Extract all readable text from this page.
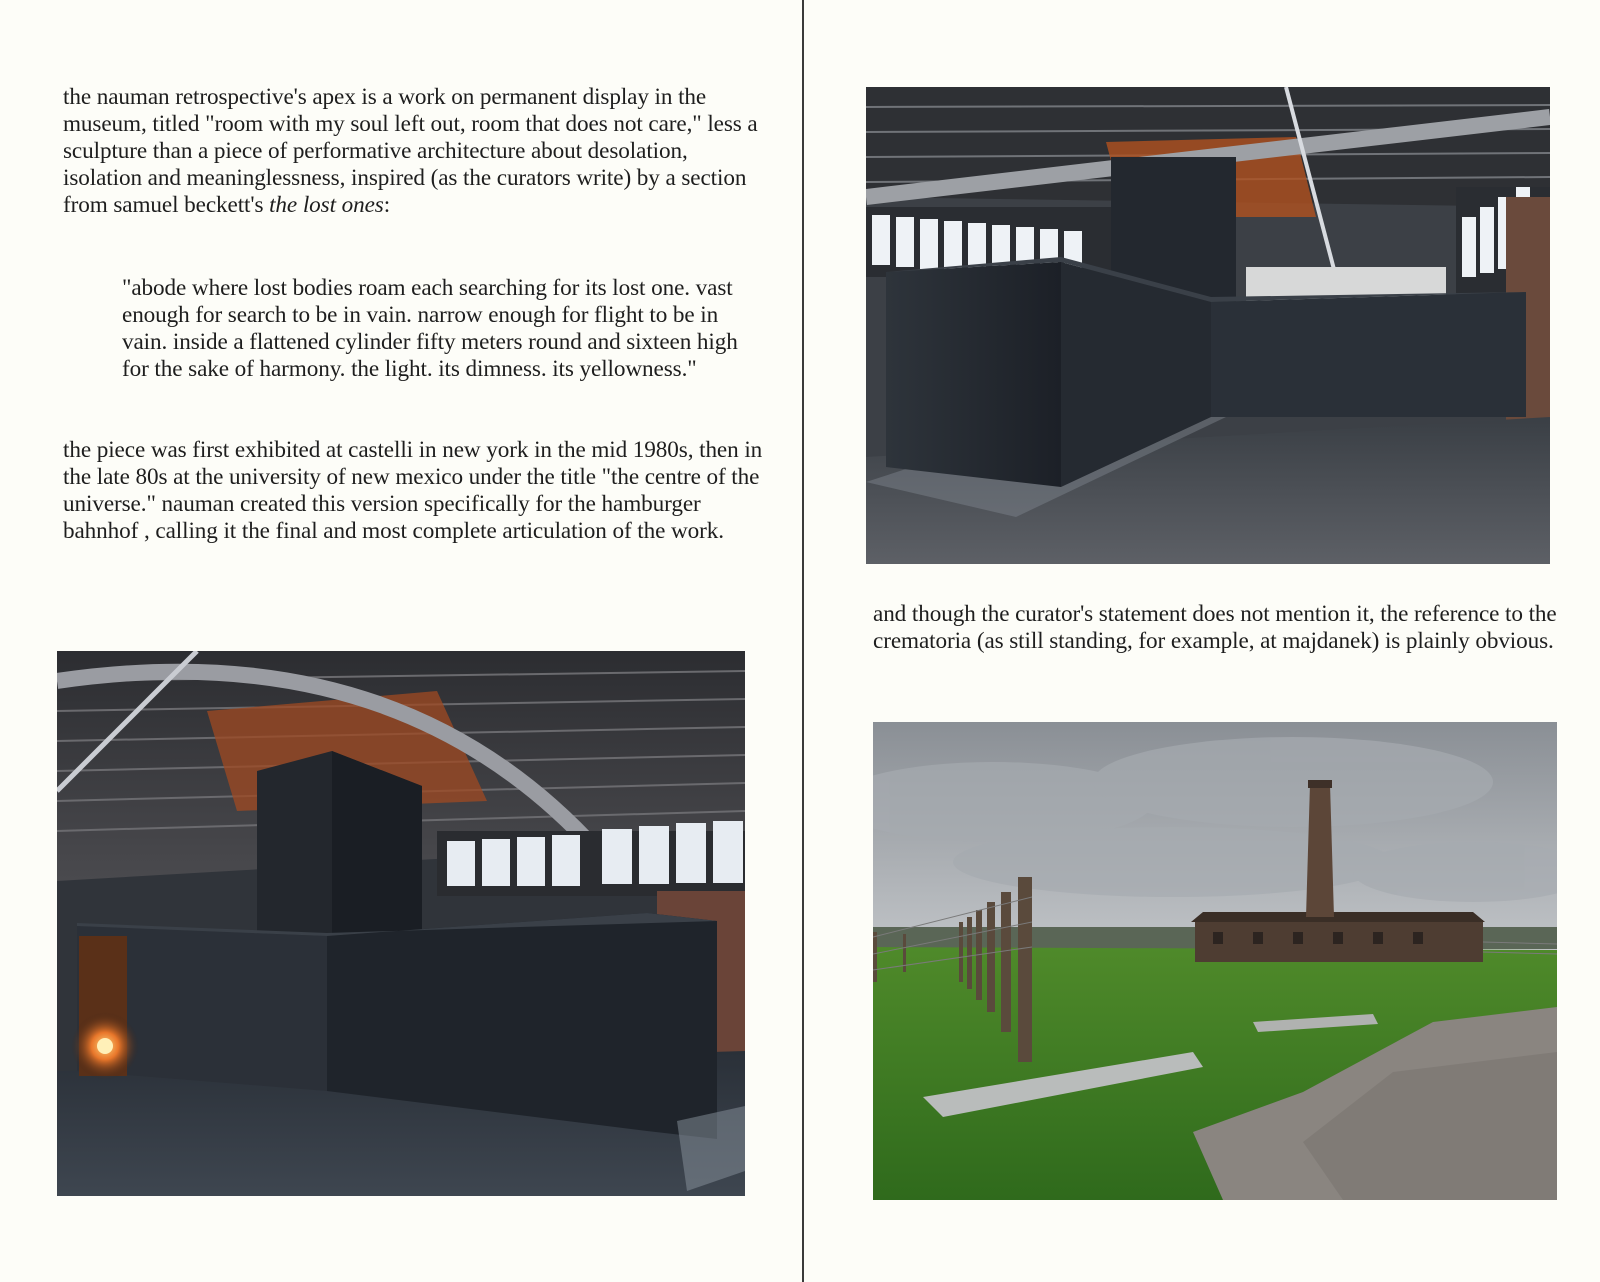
the nauman retrospective's apex is a work on permanent display in the museum, titled "room with my soul left out, room that does not care," less a sculpture than a piece of performative architecture about desolation, isolation and meaninglessness, inspired (as the curators write) by a section from samuel beckett's the lost ones:

"abode where lost bodies roam each searching for its lost one. vast enough for search to be in vain. narrow enough for flight to be in vain. inside a flattened cylinder fifty meters round and sixteen high for the sake of harmony. the light. its dimness. its yellowness."

the piece was first exhibited at castelli in new york in the mid 1980s, then in the late 80s at the university of new mexico under the title "the centre of the universe." nauman created this version specifically for the hamburger bahnhof , calling it the final and most complete articulation of the work.

and though the curator's statement does not mention it, the reference to the crematoria (as still standing, for example, at majdanek) is plainly obvious.
